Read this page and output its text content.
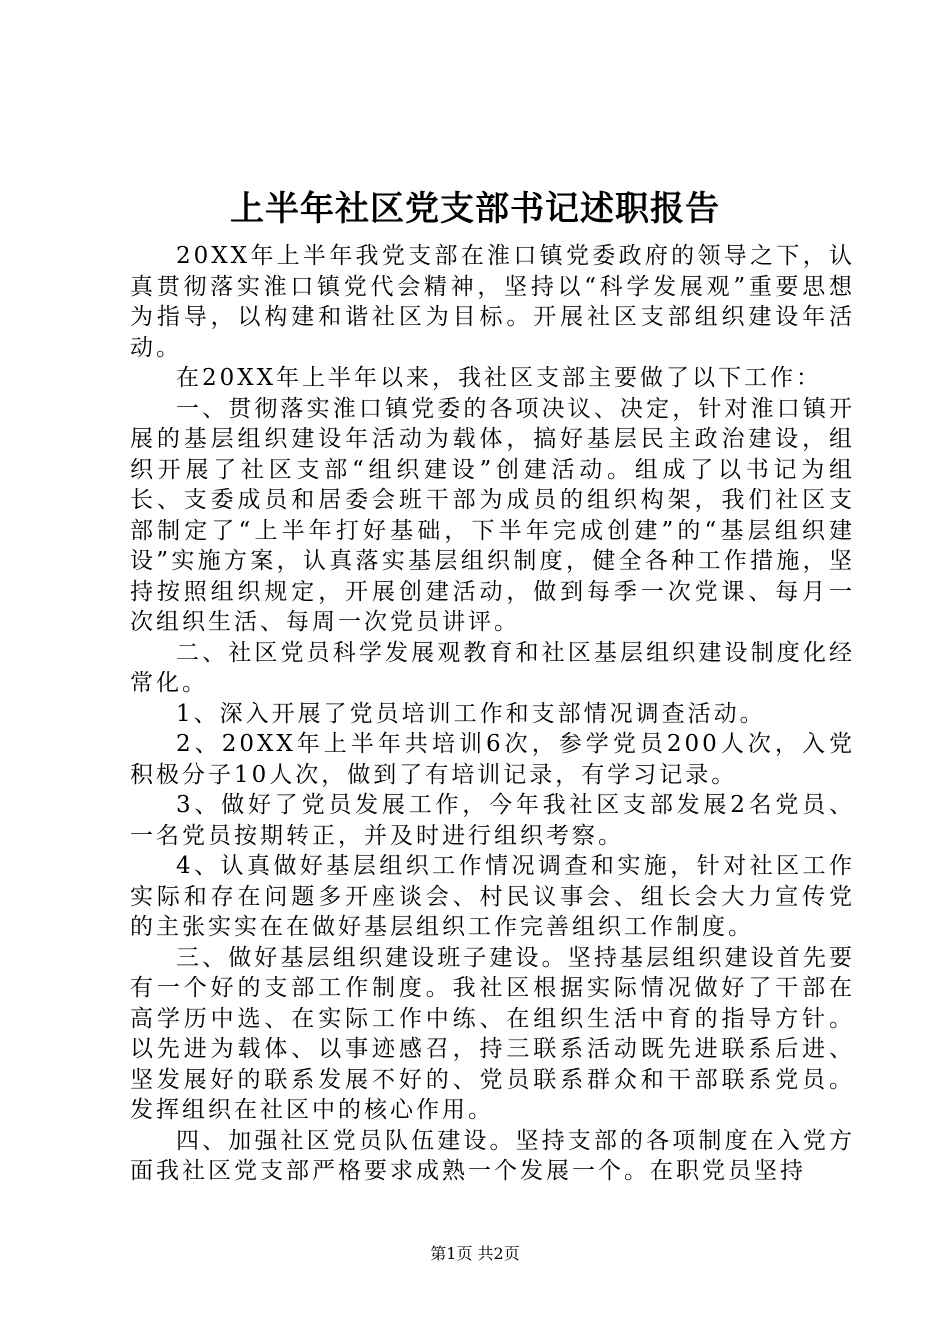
上半年社区党支部书记述职报告

20XX年上半年我党支部在淮口镇党委政府的领导之下，认真贯彻落实淮口镇党代会精神，坚持以“科学发展观”重要思想为指导，以构建和谐社区为目标。开展社区支部组织建设年活动。

在20XX年上半年以来，我社区支部主要做了以下工作：

一、贯彻落实淮口镇党委的各项决议、决定，针对淮口镇开展的基层组织建设年活动为载体，搞好基层民主政治建设，组织开展了社区支部“组织建设”创建活动。组成了以书记为组长、支委成员和居委会班干部为成员的组织构架，我们社区支部制定了“上半年打好基础，下半年完成创建”的“基层组织建设”实施方案，认真落实基层组织制度，健全各种工作措施，坚持按照组织规定，开展创建活动，做到每季一次党课、每月一次组织生活、每周一次党员讲评。

二、社区党员科学发展观教育和社区基层组织建设制度化经常化。

1、深入开展了党员培训工作和支部情况调查活动。

2、20XX年上半年共培训6次，参学党员200人次，入党积极分子10人次，做到了有培训记录，有学习记录。

3、做好了党员发展工作，今年我社区支部发展2名党员、一名党员按期转正，并及时进行组织考察。

4、认真做好基层组织工作情况调查和实施，针对社区工作实际和存在问题多开座谈会、村民议事会、组长会大力宣传党的主张实实在在做好基层组织工作完善组织工作制度。

三、做好基层组织建设班子建设。坚持基层组织建设首先要有一个好的支部工作制度。我社区根据实际情况做好了干部在高学历中选、在实际工作中练、在组织生活中育的指导方针。以先进为载体、以事迹感召，持三联系活动既先进联系后进、坚发展好的联系发展不好的、党员联系群众和干部联系党员。发挥组织在社区中的核心作用。

四、加强社区党员队伍建设。坚持支部的各项制度在入党方面我社区党支部严格要求成熟一个发展一个。在职党员坚持

第1页 共2页
